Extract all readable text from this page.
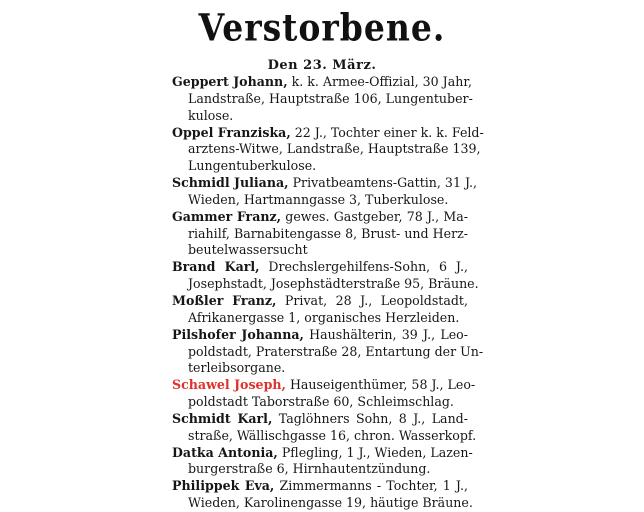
Verstorbene.
Den 23. März.
Geppert Johann, k. k. Armee-Offizial, 30 Jahr,
Landstraße, Hauptstraße 106, Lungentuber-
kulose.
Oppel Franziska, 22 J., Tochter einer k. k. Feld-
arztens-Witwe, Landstraße, Hauptstraße 139,
Lungentuberkulose.
Schmidl Juliana, Privatbeamtens-Gattin, 31 J.,
Wieden, Hartmanngasse 3, Tuberkulose.
Gammer Franz, gewes. Gastgeber, 78 J., Ma-
riahilf, Barnabitengasse 8, Brust- und Herz-
beutelwassersucht
Brand Karl, Drechslergehilfens-Sohn, 6 J.,
Josephstadt, Josephstädterstraße 95, Bräune.
Moßler Franz, Privat, 28 J., Leopoldstadt,
Afrikanergasse 1, organisches Herzleiden.
Pilshofer Johanna, Haushälterin, 39 J., Leo-
poldstadt, Praterstraße 28, Entartung der Un-
terleibsorgane.
Schawel Joseph, Hauseigenthümer, 58 J., Leo-
poldstadt Taborstraße 60, Schleimschlag.
Schmidt Karl, Taglöhners Sohn, 8 J., Land-
straße, Wällischgasse 16, chron. Wasserkopf.
Datka Antonia, Pflegling, 1 J., Wieden, Lazen-
burgerstraße 6, Hirnhautentzündung.
Philippek Eva, Zimmermanns - Tochter, 1 J.,
Wieden, Karolinengasse 19, häutige Bräune.
